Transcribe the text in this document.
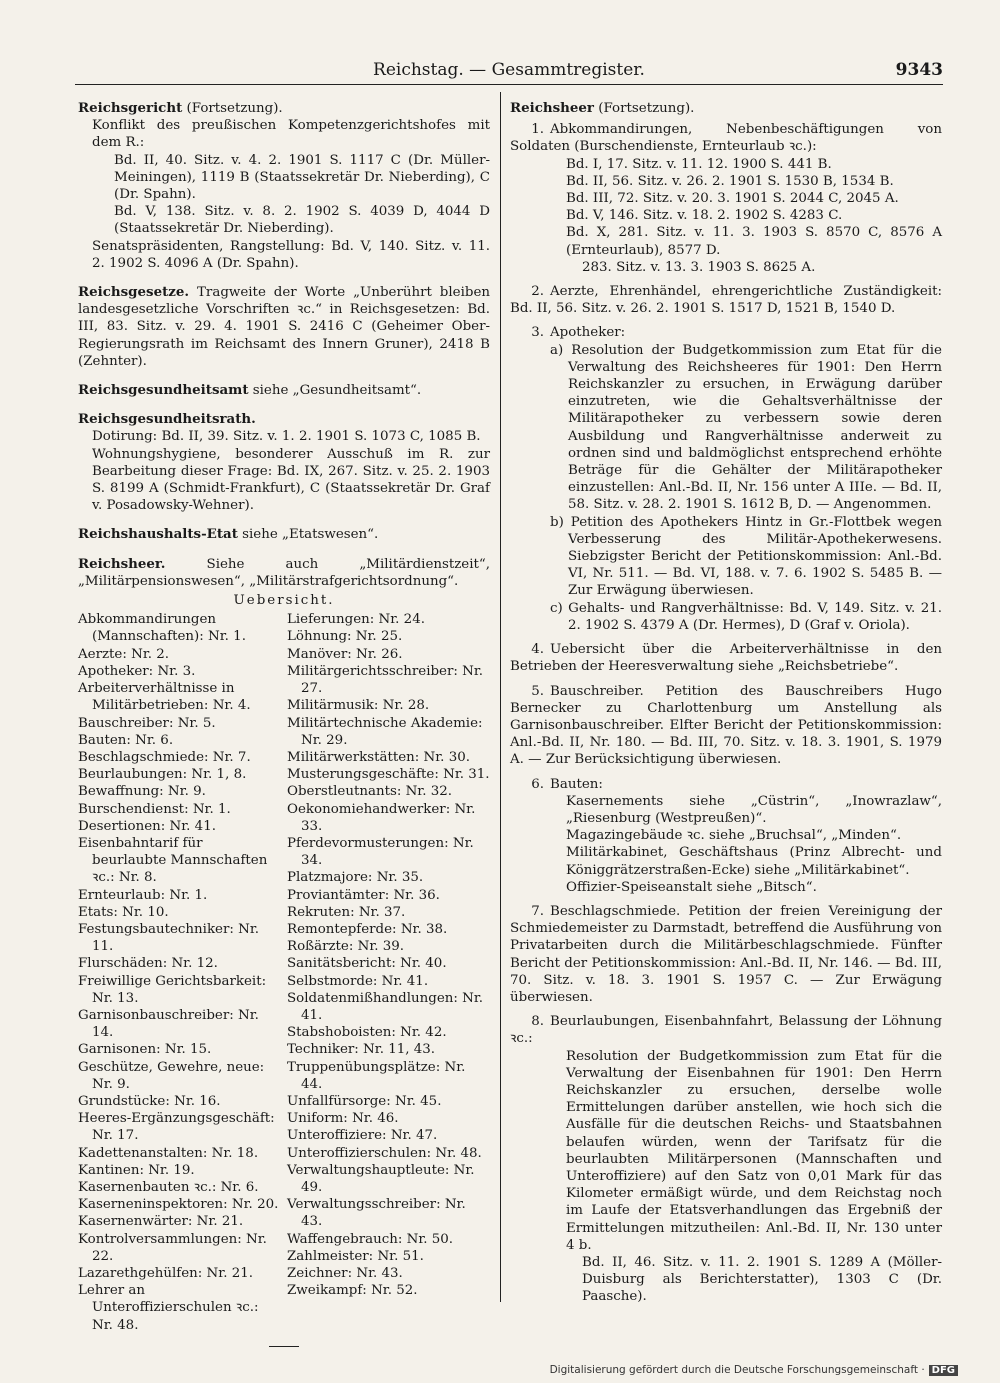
Reichstag. — Gesammtregister.	9343
Reichsgericht (Fortsetzung).
Konflikt des preußischen Kompetenzgerichtshofes mit dem R.:
Bd. II, 40. Sitz. v. 4. 2. 1901 S. 1117 C (Dr. Müller-Meiningen), 1119 B (Staatssekretär Dr. Nieberding), C (Dr. Spahn).
Bd. V, 138. Sitz. v. 8. 2. 1902 S. 4039 D, 4044 D (Staatssekretär Dr. Nieberding).
Senatspräsidenten, Rangstellung: Bd. V, 140. Sitz. v. 11. 2. 1902 S. 4096 A (Dr. Spahn).
Reichsgesetze. Tragweite der Worte „Unberührt bleiben landesgesetzliche Vorschriften ꝛc.“ in Reichsgesetzen: Bd. III, 83. Sitz. v. 29. 4. 1901 S. 2416 C (Geheimer Ober-Regierungsrath im Reichsamt des Innern Gruner), 2418 B (Zehnter).
Reichsgesundheitsamt siehe „Gesundheitsamt“.
Reichsgesundheitsrath.
Dotirung: Bd. II, 39. Sitz. v. 1. 2. 1901 S. 1073 C, 1085 B.
Wohnungshygiene, besonderer Ausschuß im R. zur Bearbeitung dieser Frage: Bd. IX, 267. Sitz. v. 25. 2. 1903 S. 8199 A (Schmidt-Frankfurt), C (Staatssekretär Dr. Graf v. Posadowsky-Wehner).
Reichshaushalts-Etat siehe „Etatswesen“.
Reichsheer.	Siehe auch „Militärdienstzeit“, „Militärpensionswesen“, „Militärstrafgerichtsordnung“.
Uebersicht.
Abkommandirungen (Mannschaften): Nr. 1.
Aerzte: Nr. 2.
Apotheker: Nr. 3.
Arbeiterverhältnisse in Militärbetrieben: Nr. 4.
Bauschreiber: Nr. 5.
Bauten: Nr. 6.
Beschlagschmiede: Nr. 7.
Beurlaubungen: Nr. 1, 8.
Bewaffnung: Nr. 9.
Burschendienst: Nr. 1.
Desertionen: Nr. 41.
Eisenbahntarif für beurlaubte Mannschaften ꝛc.: Nr. 8.
Ernteurlaub: Nr. 1.
Etats: Nr. 10.
Festungsbautechniker: Nr. 11.
Flurschäden: Nr. 12.
Freiwillige Gerichtsbarkeit: Nr. 13.
Garnisonbauschreiber: Nr. 14.
Garnisonen: Nr. 15.
Geschütze, Gewehre, neue: Nr. 9.
Grundstücke: Nr. 16.
Heeres-Ergänzungsgeschäft: Nr. 17.
Kadettenanstalten: Nr. 18.
Kantinen: Nr. 19.
Kasernenbauten ꝛc.: Nr. 6.
Kaserneninspektoren: Nr. 20.
Kasernenwärter: Nr. 21.
Kontrolversammlungen: Nr. 22.
Lazarethgehülfen: Nr. 21.
Lehrer an Unteroffizierschulen ꝛc.: Nr. 48.
Lieferungen: Nr. 24.
Löhnung: Nr. 25.
Manöver: Nr. 26.
Militärgerichtsschreiber: Nr. 27.
Militärmusik: Nr. 28.
Militärtechnische Akademie: Nr. 29.
Militärwerkstätten: Nr. 30.
Musterungsgeschäfte: Nr. 31.
Oberstleutnants: Nr. 32.
Oekonomiehandwerker: Nr. 33.
Pferdevormusterungen: Nr. 34.
Platzmajore: Nr. 35.
Proviantämter: Nr. 36.
Rekruten: Nr. 37.
Remontepferde: Nr. 38.
Roßärzte: Nr. 39.
Sanitätsbericht: Nr. 40.
Selbstmorde: Nr. 41.
Soldatenmißhandlungen: Nr. 41.
Stabshoboisten: Nr. 42.
Techniker: Nr. 11, 43.
Truppenübungsplätze: Nr. 44.
Unfallfürsorge: Nr. 45.
Uniform: Nr. 46.
Unteroffiziere: Nr. 47.
Unteroffizierschulen: Nr. 48.
Verwaltungshauptleute: Nr. 49.
Verwaltungsschreiber: Nr. 43.
Waffengebrauch: Nr. 50.
Zahlmeister: Nr. 51.
Zeichner: Nr. 43.
Zweikampf: Nr. 52.
Reichsheer (Fortsetzung).
1. Abkommandirungen, Nebenbeschäftigungen von Soldaten (Burschendienste, Ernteurlaub ꝛc.):
Bd. I, 17. Sitz. v. 11. 12. 1900 S. 441 B.
Bd. II, 56. Sitz. v. 26. 2. 1901 S. 1530 B, 1534 B.
Bd. III, 72. Sitz. v. 20. 3. 1901 S. 2044 C, 2045 A.
Bd. V, 146. Sitz. v. 18. 2. 1902 S. 4283 C.
Bd. X, 281. Sitz. v. 11. 3. 1903 S. 8570 C, 8576 A (Ernteurlaub), 8577 D.
283. Sitz. v. 13. 3. 1903 S. 8625 A.
2. Aerzte, Ehrenhändel, ehrengerichtliche Zuständigkeit: Bd. II, 56. Sitz. v. 26. 2. 1901 S. 1517 D, 1521 B, 1540 D.
3. Apotheker:
a) Resolution der Budgetkommission zum Etat für die Verwaltung des Reichsheeres für 1901: Den Herrn Reichskanzler zu ersuchen, in Erwägung darüber einzutreten, wie die Gehaltsverhältnisse der Militärapotheker zu verbessern sowie deren Ausbildung und Rangverhältnisse anderweit zu ordnen sind und baldmöglichst entsprechend erhöhte Beträge für die Gehälter der Militärapotheker einzustellen: Anl.-Bd. II, Nr. 156 unter A IIIe. — Bd. II, 58. Sitz. v. 28. 2. 1901 S. 1612 B, D. — Angenommen.
b) Petition des Apothekers Hintz in Gr.-Flottbek wegen Verbesserung des Militär-Apothekerwesens. Siebzigster Bericht der Petitionskommission: Anl.-Bd. VI, Nr. 511. — Bd. VI, 188. v. 7. 6. 1902 S. 5485 B. — Zur Erwägung überwiesen.
c) Gehalts- und Rangverhältnisse: Bd. V, 149. Sitz. v. 21. 2. 1902 S. 4379 A (Dr. Hermes), D (Graf v. Oriola).
4. Uebersicht über die Arbeiterverhältnisse in den Betrieben der Heeresverwaltung siehe „Reichsbetriebe“.
5. Bauschreiber. Petition des Bauschreibers Hugo Bernecker zu Charlottenburg um Anstellung als Garnisonbauschreiber. Elfter Bericht der Petitionskommission: Anl.-Bd. II, Nr. 180. — Bd. III, 70. Sitz. v. 18. 3. 1901, S. 1979 A. — Zur Berücksichtigung überwiesen.
6. Bauten:
Kasernements siehe „Cüstrin“, „Inowrazlaw“, „Riesenburg (Westpreußen)“.
Magazingebäude ꝛc. siehe „Bruchsal“, „Minden“.
Militärkabinet, Geschäftshaus (Prinz Albrecht- und Königgrätzerstraßen-Ecke) siehe „Militärkabinet“.
Offizier-Speiseanstalt siehe „Bitsch“.
7. Beschlagschmiede. Petition der freien Vereinigung der Schmiedemeister zu Darmstadt, betreffend die Ausführung von Privatarbeiten durch die Militärbeschlagschmiede. Fünfter Bericht der Petitionskommission: Anl.-Bd. II, Nr. 146. — Bd. III, 70. Sitz. v. 18. 3. 1901 S. 1957 C. — Zur Erwägung überwiesen.
8. Beurlaubungen, Eisenbahnfahrt, Belassung der Löhnung ꝛc.:
Resolution der Budgetkommission zum Etat für die Verwaltung der Eisenbahnen für 1901: Den Herrn Reichskanzler zu ersuchen, derselbe wolle Ermittelungen darüber anstellen, wie hoch sich die Ausfälle für die deutschen Reichs- und Staatsbahnen belaufen würden, wenn der Tarifsatz für die beurlaubten Militärpersonen (Mannschaften und Unteroffiziere) auf den Satz von 0,01 Mark für das Kilometer ermäßigt würde, und dem Reichstag noch im Laufe der Etatsverhandlungen das Ergebniß der Ermittelungen mitzutheilen: Anl.-Bd. II, Nr. 130 unter 4 b.
Bd. II, 46. Sitz. v. 11. 2. 1901 S. 1289 A (Möller-Duisburg als Berichterstatter), 1303 C (Dr. Paasche).
Digitalisierung gefördert durch die Deutsche Forschungsgemeinschaft · DFG
